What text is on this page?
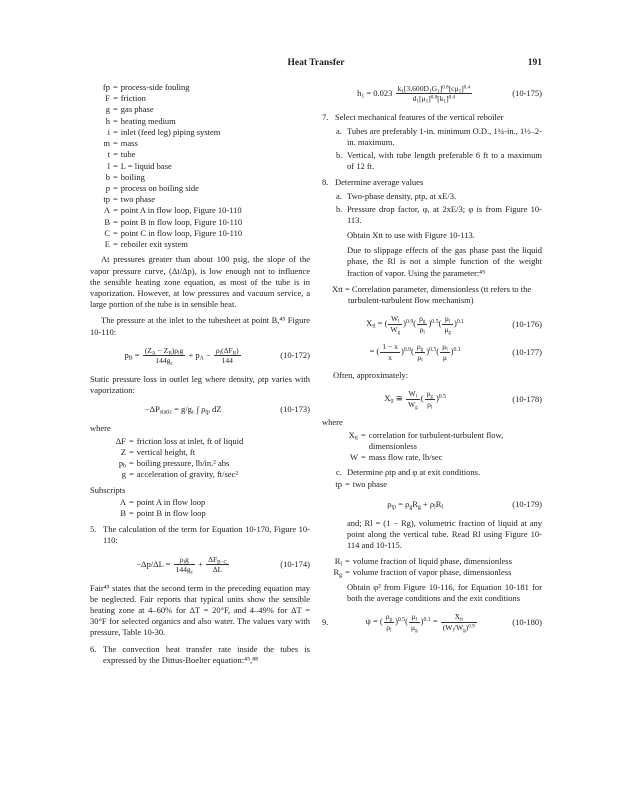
Heat Transfer	191
fp = process-side fouling
F = friction
g = gas phase
h = heating medium
i = inlet (feed leg) piping system
m = mass
t = tube
l = L = liquid base
b = boiling
p = process on boiling side
tp = two phase
A = point A in flow loop, Figure 10-110
B = point B in flow loop, Figure 10-110
C = point C in flow loop, Figure 10-110
E = reboiler exit system
At pressures greater than about 100 psig, the slope of the vapor pressure curve, (Δt/Δp), is low enough not to influence the sensible heating zone equation, as most of the tube is in vaporization. However, at low pressures and vacuum service, a large portion of the tube is in sensible heat.
The pressure at the inlet to the tubesheet at point B,⁴⁵ Figure 10-110:
$p_B = \frac{(Z_A - Z_B)\rho_lg}{144g_c} + p_A - \rho_l(\Delta F_B)$
144
(10-172)
Static pressure loss in outlet leg where density, ρtp varies with vaporization:
$-\Delta P_{static} = g/g_c$ ∫ $\rho_{tp}$ dZ	(10-173)
where
ΔF = friction loss at inlet, ft of liquid
Z = vertical height, ft
$p_b$ = boiling pressure, lb/in.² abs
g = acceleration of gravity, ft/sec²
Subscripts
A = point A in flow loop
B = point B in flow loop
5. The calculation of the term for Equation 10-170, Figure 10-110:
$-\Delta p/\Delta L = \frac{\rho_lg}{144g_c} + \Delta F_{B-C}$
ΔL
(10-174)
Fair⁴⁵ states that the second term in the preceding equation may be neglected. Fair reports that typical units show the sensible heating zone at 4–60% for ΔT = 20°F, and 4–49% for ΔT = 30°F for selected organics and also water. The values vary with pressure, Table 10-30.
6. The convection heat transfer rate inside the tubes is expressed by the Dittus-Boelter equation:⁴⁵,⁸⁸
$h_1 = 0.023 \frac{k_1[3,600D_1G_1]^{0.8}[c\mu_1]^{0.4}}{d_1[\mu_1]^{0.8}[k_1]^{0.4}}$	(10-175)
7. Select mechanical features of the vertical reboiler
a. Tubes are preferably 1-in. minimum O.D., 1¼-in., 1½–2-in. maximum.
b. Vertical, with tube length preferable 6 ft to a maximum of 12 ft.
8. Determine average values
a. Two-phase density, ρtp, at xE/3.
b. Pressure drop factor, φ, at 2xE/3; φ is from Figure 10-113.
Obtain Xtt to use with Figure 10-113.
Due to slippage effects of the gas phase past the liquid phase, the Rl is not a simple function of the weight fraction of vapor. Using the parameter:⁴⁵
Xtt = Correlation parameter, dimensionless (tt refers to the turbulent-turbulent flow mechanism)
$X_{tt}$ = ( $\frac{W_l}{W_g} )^{0.9}( \frac{\rho_g}{\rho_l} )^{0.5}( \frac{\mu_l}{\mu_g} )^{0.1}$	(10-176)
= ( $\frac{1 - x}{x} )^{0.9}( \frac{\rho_g}{\rho_l} )^{0.5}( \frac{\mu_l}{\mu} )^{0.1}$	(10-177)
Often, approximately:
$X_{tt}$ ≅ $\frac{W_l}{W_g}$ ( $\frac{\rho_g}{\rho_l} )^{0.5}$	(10-178)
where
$X_{tt}$ = correlation for turbulent-turbulent flow, dimensionless
W = mass flow rate, lb/sec
c. Determine ρtp and φ at exit conditions.
tp = two phase
$\rho_{tp} = \rho_gR_g + \rho_lR_l$	(10-179)
and; Rl = (1 − Rg), volumetric fraction of liquid at any point along the vertical tube. Read Rl using Figure 10-114 and 10-115.
$R_l$ = volume fraction of liquid phase, dimensionless
$R_g$ = volume fraction of vapor phase, dimensionless
Obtain φ² from Figure 10-116, for Equation 10-181 for both the average conditions and the exit conditions
9.	ψ = ( $\frac{\rho_g}{\rho_l} )^{0.5}( \frac{\mu_l}{\mu_g} )^{0.1}$ =	$X_{tt}$
$(W_l/W_g)^{0.9}$	(10-180)
